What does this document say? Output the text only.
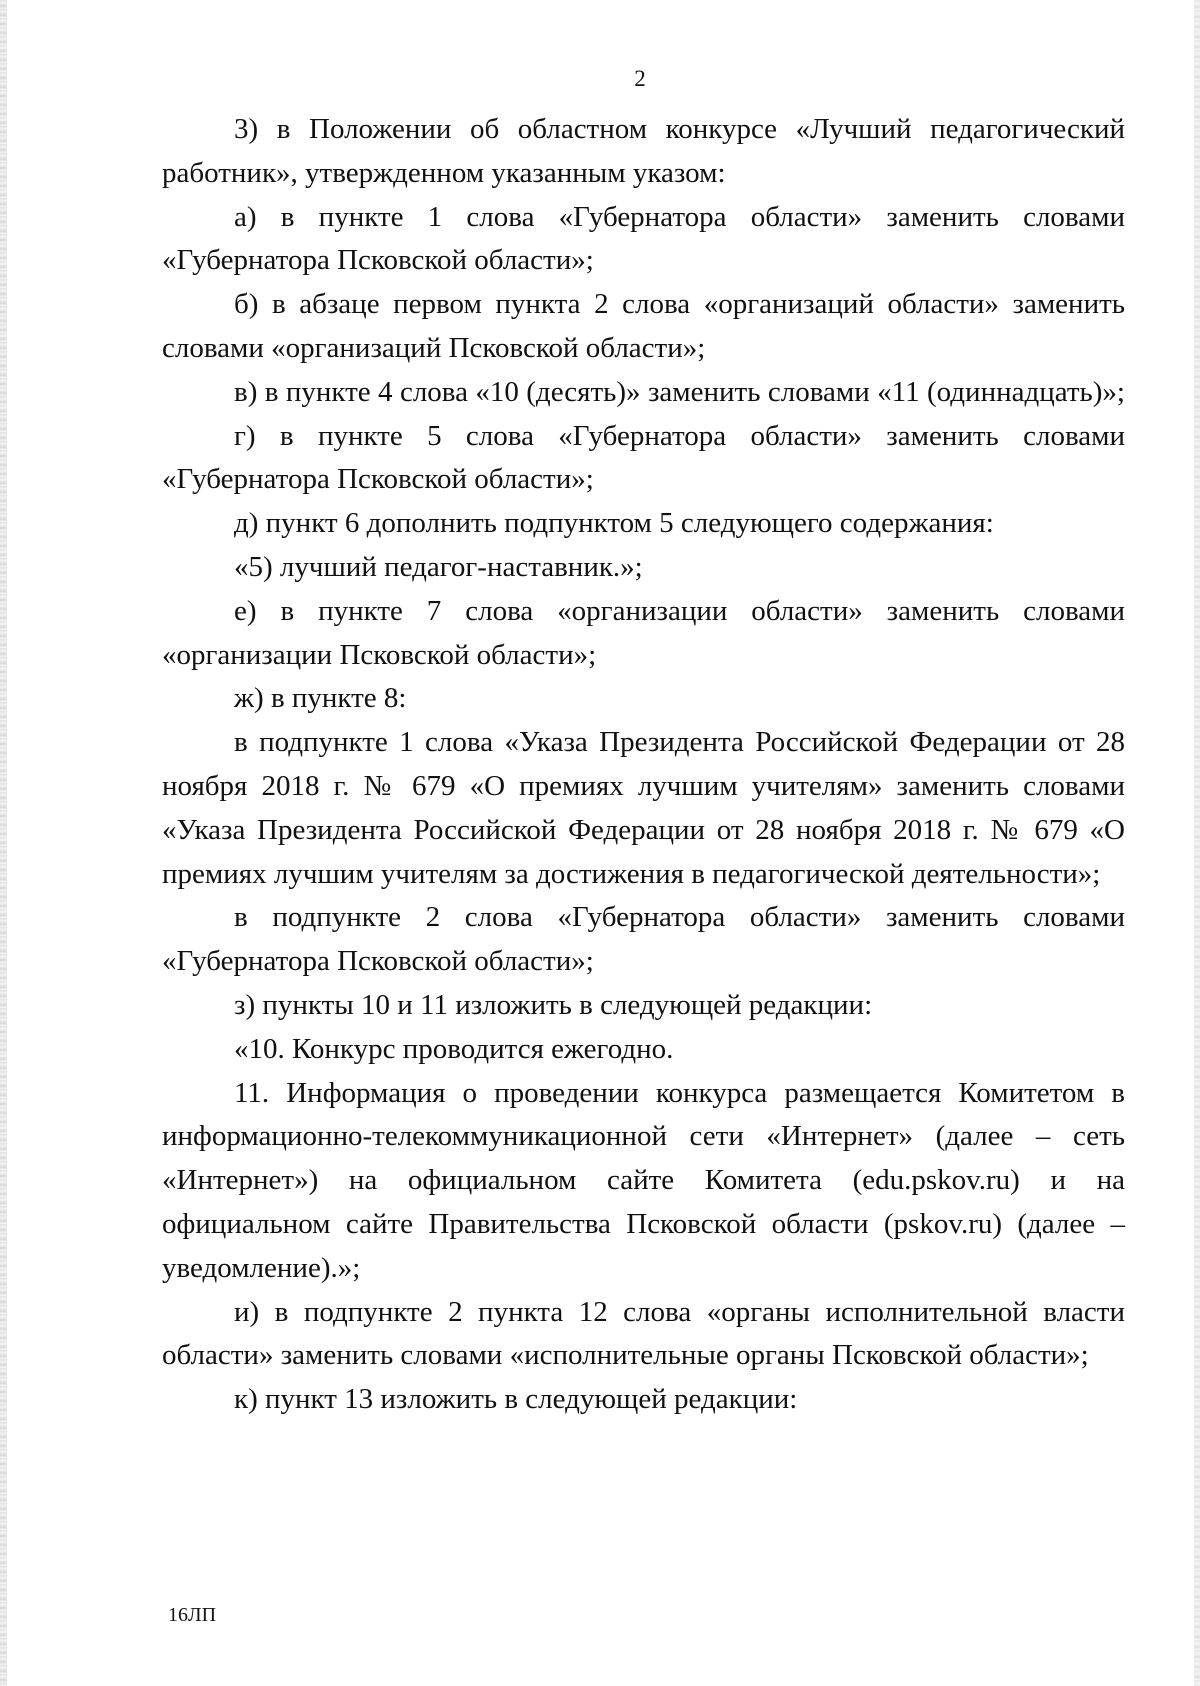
2

3) в Положении об областном конкурсе «Лучший педагогический работник», утвержденном указанным указом:

а) в пункте 1 слова «Губернатора области» заменить словами «Губернатора Псковской области»;

б) в абзаце первом пункта 2 слова «организаций области» заменить словами «организаций Псковской области»;

в) в пункте 4 слова «10 (десять)» заменить словами «11 (одиннадцать)»;

г) в пункте 5 слова «Губернатора области» заменить словами «Губернатора Псковской области»;

д) пункт 6 дополнить подпунктом 5 следующего содержания:

«5) лучший педагог-наставник.»;

е) в пункте 7 слова «организации области» заменить словами «организации Псковской области»;

ж) в пункте 8:

в подпункте 1 слова «Указа Президента Российской Федерации от 28 ноября 2018 г. № 679 «О премиях лучшим учителям» заменить словами «Указа Президента Российской Федерации от 28 ноября 2018 г. № 679 «О премиях лучшим учителям за достижения в педагогической деятельности»;

в подпункте 2 слова «Губернатора области» заменить словами «Губернатора Псковской области»;

з) пункты 10 и 11 изложить в следующей редакции:

«10. Конкурс проводится ежегодно.

11. Информация о проведении конкурса размещается Комитетом в информационно-телекоммуникационной сети «Интернет» (далее – сеть «Интернет») на официальном сайте Комитета (edu.pskov.ru) и на официальном сайте Правительства Псковской области (pskov.ru) (далее – уведомление).»;

и) в подпункте 2 пункта 12 слова «органы исполнительной власти области» заменить словами «исполнительные органы Псковской области»;

к) пункт 13 изложить в следующей редакции:

16ЛП
